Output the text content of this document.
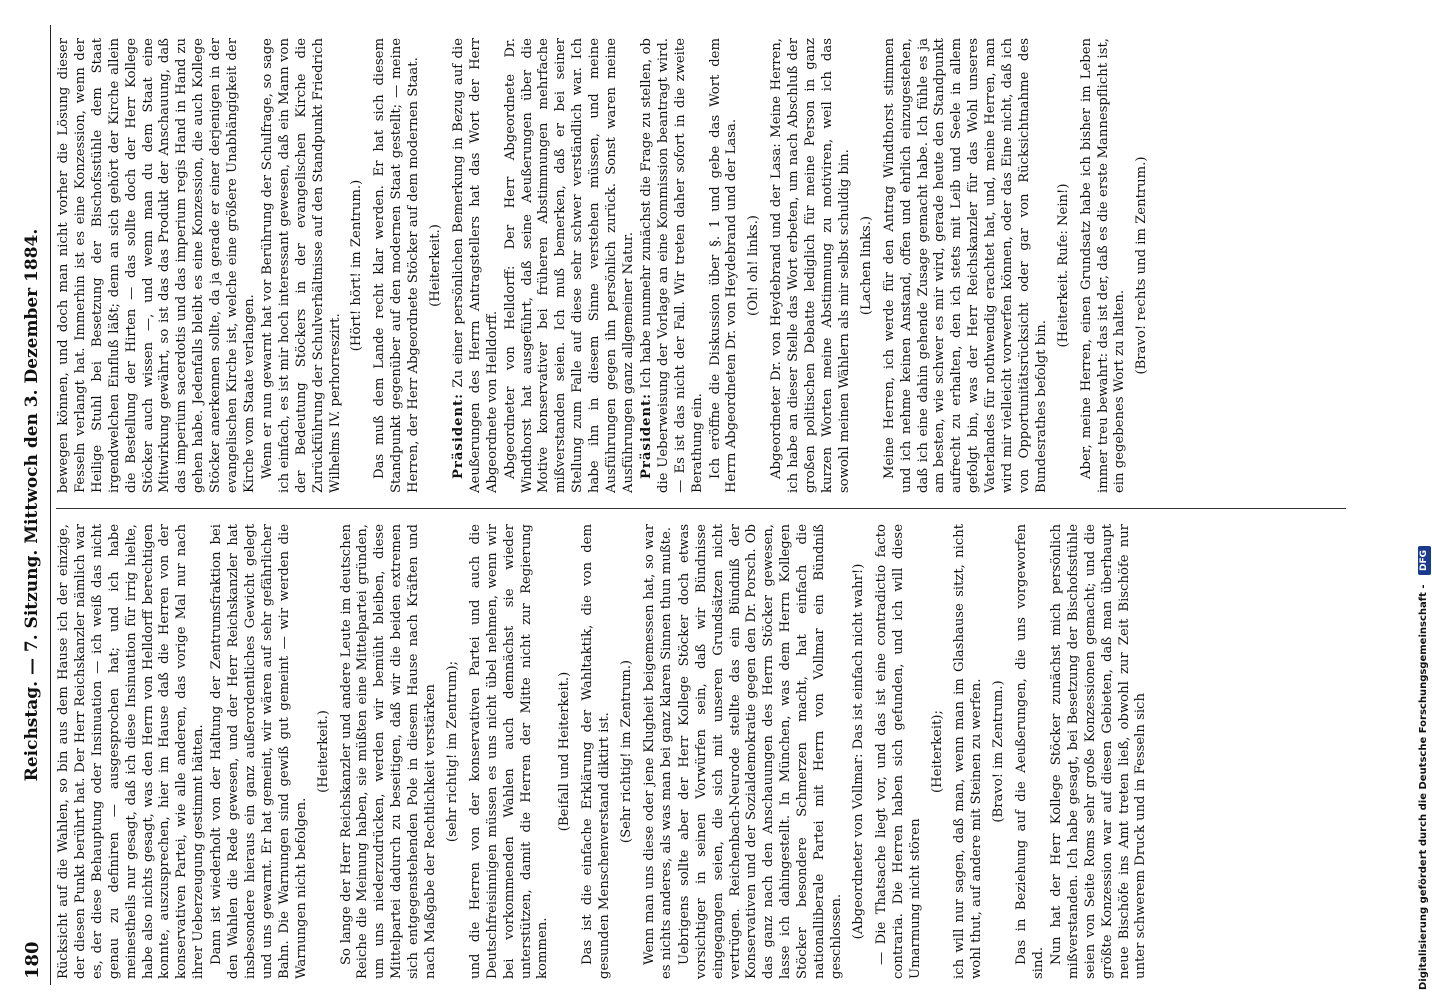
180
Reichstag. — 7. Sitzung. Mittwoch den 3. Dezember 1884. Rücksicht auf die Wahlen, so bin aus dem Hause ich der einzige, der diesen Punkt berührt hat. Der Herr Reichskanzler nämlich war es, der diese Behauptung oder Insinuation — ich weiß das nicht genau zu definiren — ausgesprochen hat; und ich habe meinestheils nur gesagt, daß ich diese Insinuation für irrig hielte, habe also nichts gesagt, was den Herrn von Helldorff berechtigen konnte, auszusprechen, hier im Hause daß die Herren von der konservativen Partei, wie alle anderen, das vorige Mal nur nach ihrer Ueberzeugung gestimmt hätten. Dann ist wiederholt von der Haltung der Zentrumsfraktion bei den Wahlen die Rede gewesen, und der Herr Reichskanzler hat insbesondere hieraus ein ganz außerordentliches Gewicht gelegt und uns gewarnt. Er hat gemeint, wir wären auf sehr gefährlicher Bahn. Die Warnungen sind gewiß gut gemeint — wir werden die Warnungen nicht befolgen.

(Heiterkeit.) So lange der Herr Reichskanzler und andere Leute im deutschen Reiche die Meinung haben, sie müßten eine Mittelpartei gründen, um uns niederzudrücken, werden wir bemüht bleiben, diese Mittelpartei dadurch zu beseitigen, daß wir die beiden extremen sich entgegenstehenden Pole in diesem Hause nach Kräften und nach Maßgabe der Rechtlichkeit verstärken (sehr richtig! im Zentrum); und die Herren von der konservativen Partei und auch die Deutschfreisinnigen müssen es uns nicht übel nehmen, wenn wir bei vorkommenden Wahlen auch demnächst sie wieder unterstützen, damit die Herren der Mitte nicht zur Regierung kommen.

(Beifall und Heiterkeit.) Das ist die einfache Erklärung der Wahltaktik, die von dem gesunden Menschenverstand diktirt ist. (Sehr richtig! im Zentrum.) Wenn man uns diese oder jene Klugheit beigemessen hat, so war es nichts anderes, als was man bei ganz klaren Sinnen thun mußte. Uebrigens sollte aber der Herr Kollege Stöcker doch etwas vorsichtiger in seinen Vorwürfen sein, daß wir Bündnisse eingegangen seien, die sich mit unseren Grundsätzen nicht vertrügen. Reichenbach-Neurode stellte das ein Bündniß der Konservativen und der Sozialdemokratie gegen den Dr. Porsch. Ob das ganz nach den Anschauungen des Herrn Stöcker gewesen, lasse ich dahingestellt. In München, was dem Herrn Kollegen Stöcker besondere Schmerzen macht, hat einfach die nationalliberale Partei mit Herrn von Vollmar ein Bündniß geschlossen. (Abgeordneter von Vollmar: Das ist einfach nicht wahr!) — Die Thatsache liegt vor, und das ist eine contradictio facto contraria. Die Herren haben sich gefunden, und ich will diese Umarmung nicht stören

(Heiterkeit); ich will nur sagen, daß man, wenn man im Glashause sitzt, nicht wohl thut, auf andere mit Steinen zu werfen. (Bravo! im Zentrum.) Das in Beziehung auf die Aeußerungen, die uns vorgeworfen sind. Nun hat der Herr Kollege Stöcker zunächst mich persönlich mißverstanden. Ich habe gesagt, bei Besetzung der Bischofsstühle seien von Seite Roms sehr große Konzessionen gemacht; und die größte Konzession war auf diesen Gebieten, daß man überhaupt neue Bischöfe ins Amt treten ließ, obwohl zur Zeit Bischöfe nur unter schwerem Druck und in Fesseln sich

bewegen können, und doch man nicht vorher die Lösung dieser Fesseln verlangt hat. Immerhin ist es eine Konzession, wenn der Heilige Stuhl bei Besetzung der Bischofsstühle dem Staat irgendwelchen Einfluß läßt; denn an sich gehört der Kirche allein die Bestellung der Hirten — das sollte doch der Herr Kollege Stöcker auch wissen —, und wenn man du dem Staat eine Mitwirkung gewährt, so ist das das Produkt der Anschauung, daß das imperium sacerdotis und das imperium regis Hand in Hand zu gehen habe. Jedenfalls bleibt es eine Konzession, die auch Kollege Stöcker anerkennen sollte, da ja gerade er einer derjenigen in der evangelischen Kirche ist, welche eine größere Unabhängigkeit der Kirche vom Staate verlangen. Wenn er nun gewarnt hat vor Berührung der Schulfrage, so sage ich einfach, es ist mir hoch interessant gewesen, daß ein Mann von der Bedeutung Stöckers in der evangelischen Kirche die Zurückführung der Schulverhältnisse auf den Standpunkt Friedrich Wilhelms IV. perhorreszirt.

(Hört! hört! im Zentrum.) Das muß dem Lande recht klar werden. Er hat sich diesem Standpunkt gegenüber auf den modernen Staat gestellt; — meine Herren, der Herr Abgeordnete Stöcker auf dem modernen Staat. (Heiterkeit.)

Präsident: Zu einer persönlichen Bemerkung in Bezug auf die Aeußerungen des Herrn Antragstellers hat das Wort der Herr Abgeordnete von Helldorff. Abgeordneter von Helldorff: Der Herr Abgeordnete Dr. Windthorst hat ausgeführt, daß seine Aeußerungen über die Motive konservativer bei früheren Abstimmungen mehrfache mißverstanden seien. Ich muß bemerken, daß er bei seiner Stellung zum Falle auf diese sehr schwer verständlich war. Ich habe ihn in diesem Sinne verstehen müssen, und meine Ausführungen gegen ihn persönlich zurück. Sonst waren meine Ausführungen ganz allgemeiner Natur. Präsident: Ich habe nunmehr zunächst die Frage zu stellen, ob die Ueberweisung der Vorlage an eine Kommission beantragt wird. — Es ist das nicht der Fall. Wir treten daher sofort in die zweite Berathung ein. Ich eröffne die Diskussion über §. 1 und gebe das Wort dem Herrn Abgeordneten Dr. von Heydebrand und der Lasa. (Oh! oh! links.) Abgeordneter Dr. von Heydebrand und der Lasa: Meine Herren, ich habe an dieser Stelle das Wort erbeten, um nach Abschluß der großen politischen Debatte lediglich für meine Person in ganz kurzen Worten meine Abstimmung zu motiviren, weil ich das sowohl meinen Wählern als mir selbst schuldig bin. (Lachen links.) Meine Herren, ich werde für den Antrag Windthorst stimmen und ich nehme keinen Anstand, offen und ehrlich einzugestehen, daß ich eine dahin gehende Zusage gemacht habe. Ich fühle es ja am besten, wie schwer es mir wird, gerade heute den Standpunkt aufrecht zu erhalten, den ich stets mit Leib und Seele in allem gefolgt bin, was der Herr Reichskanzler für das Wohl unseres Vaterlandes für nothwendig erachtet hat, und, meine Herren, man wird mir vielleicht vorwerfen können, oder das Eine nicht, daß ich von Opportunitätsrücksicht oder gar von Rücksichtnahme des Bundesrathes befolgt bin.

(Heiterkeit. Rufe: Nein!) Aber, meine Herren, einen Grundsatz habe ich bisher im Leben immer treu bewahrt: das ist der, daß es die erste Mannespflicht ist, ein gegebenes Wort zu halten.

(Bravo! rechts und im Zentrum.)

Digitalisierung gefördert durch die Deutsche Forschungsgemeinschaft - DFG
